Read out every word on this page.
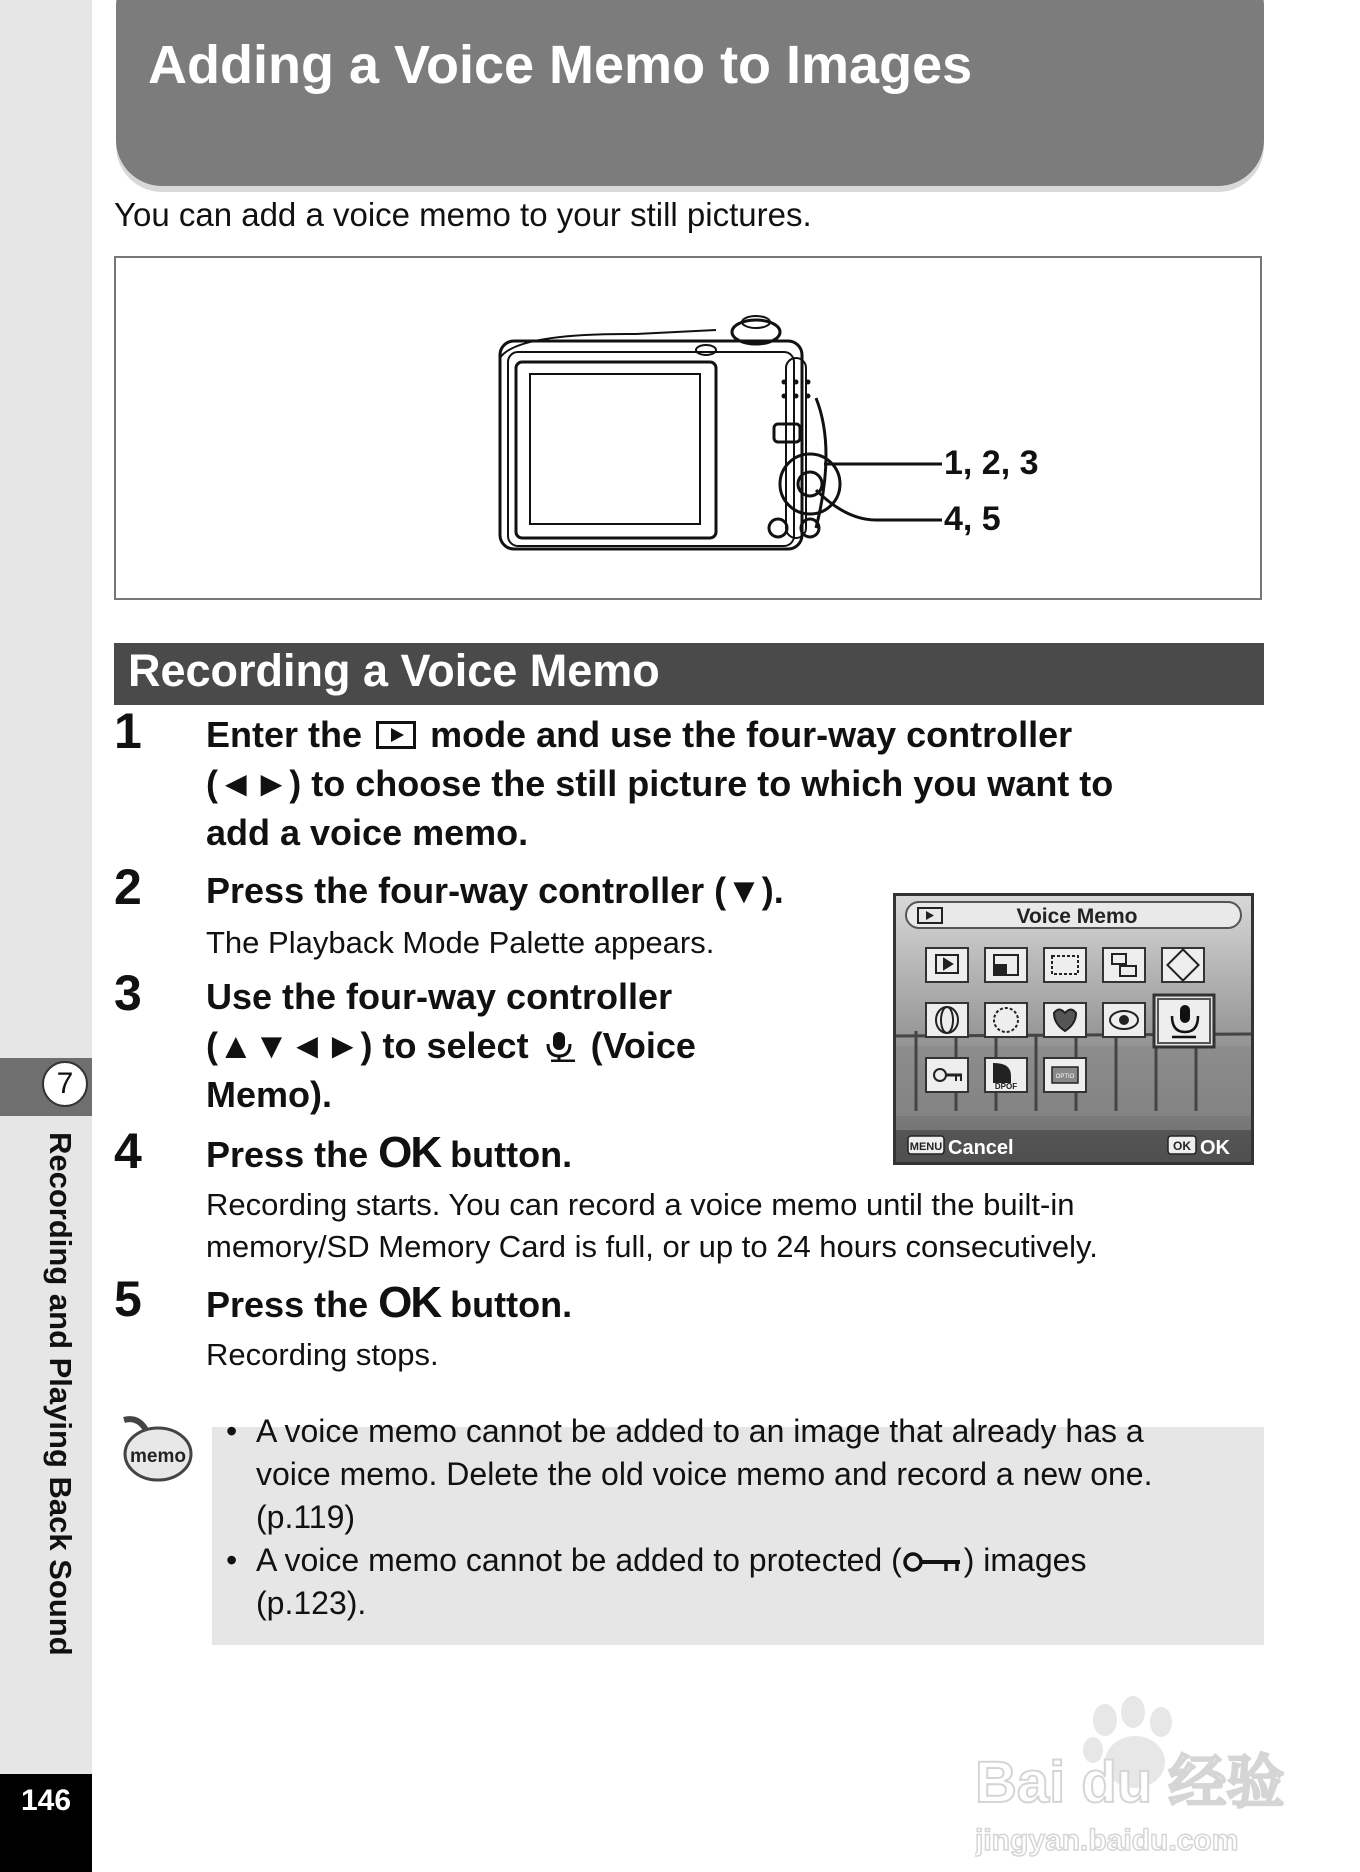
7
Recording and Playing Back Sound
146
Adding a Voice Memo to Images
You can add a voice memo to your still pictures.
1, 2, 3
4, 5
Recording a Voice Memo
1 Enter the mode and use the four-way controller
(◄►) to choose the still picture to which you want to
add a voice memo.
2 Press the four-way controller (▼).
The Playback Mode Palette appears.
3 Use the four-way controller
(▲▼◄►) to select (Voice
Memo).
Voice Memo
DPOF
OPTIO
MENU Cancel	OK OK
4 Press the OK button.
Recording starts. You can record a voice memo until the built-in
memory/SD Memory Card is full, or up to 24 hours consecutively.
5 Press the OK button.
Recording stops.
memo
• A voice memo cannot be added to an image that already has a
voice memo. Delete the old voice memo and record a new one.
(p.119)
• A voice memo cannot be added to protected ( ) images
(p.123).
Bai du 经验
jingyan.baidu.com
